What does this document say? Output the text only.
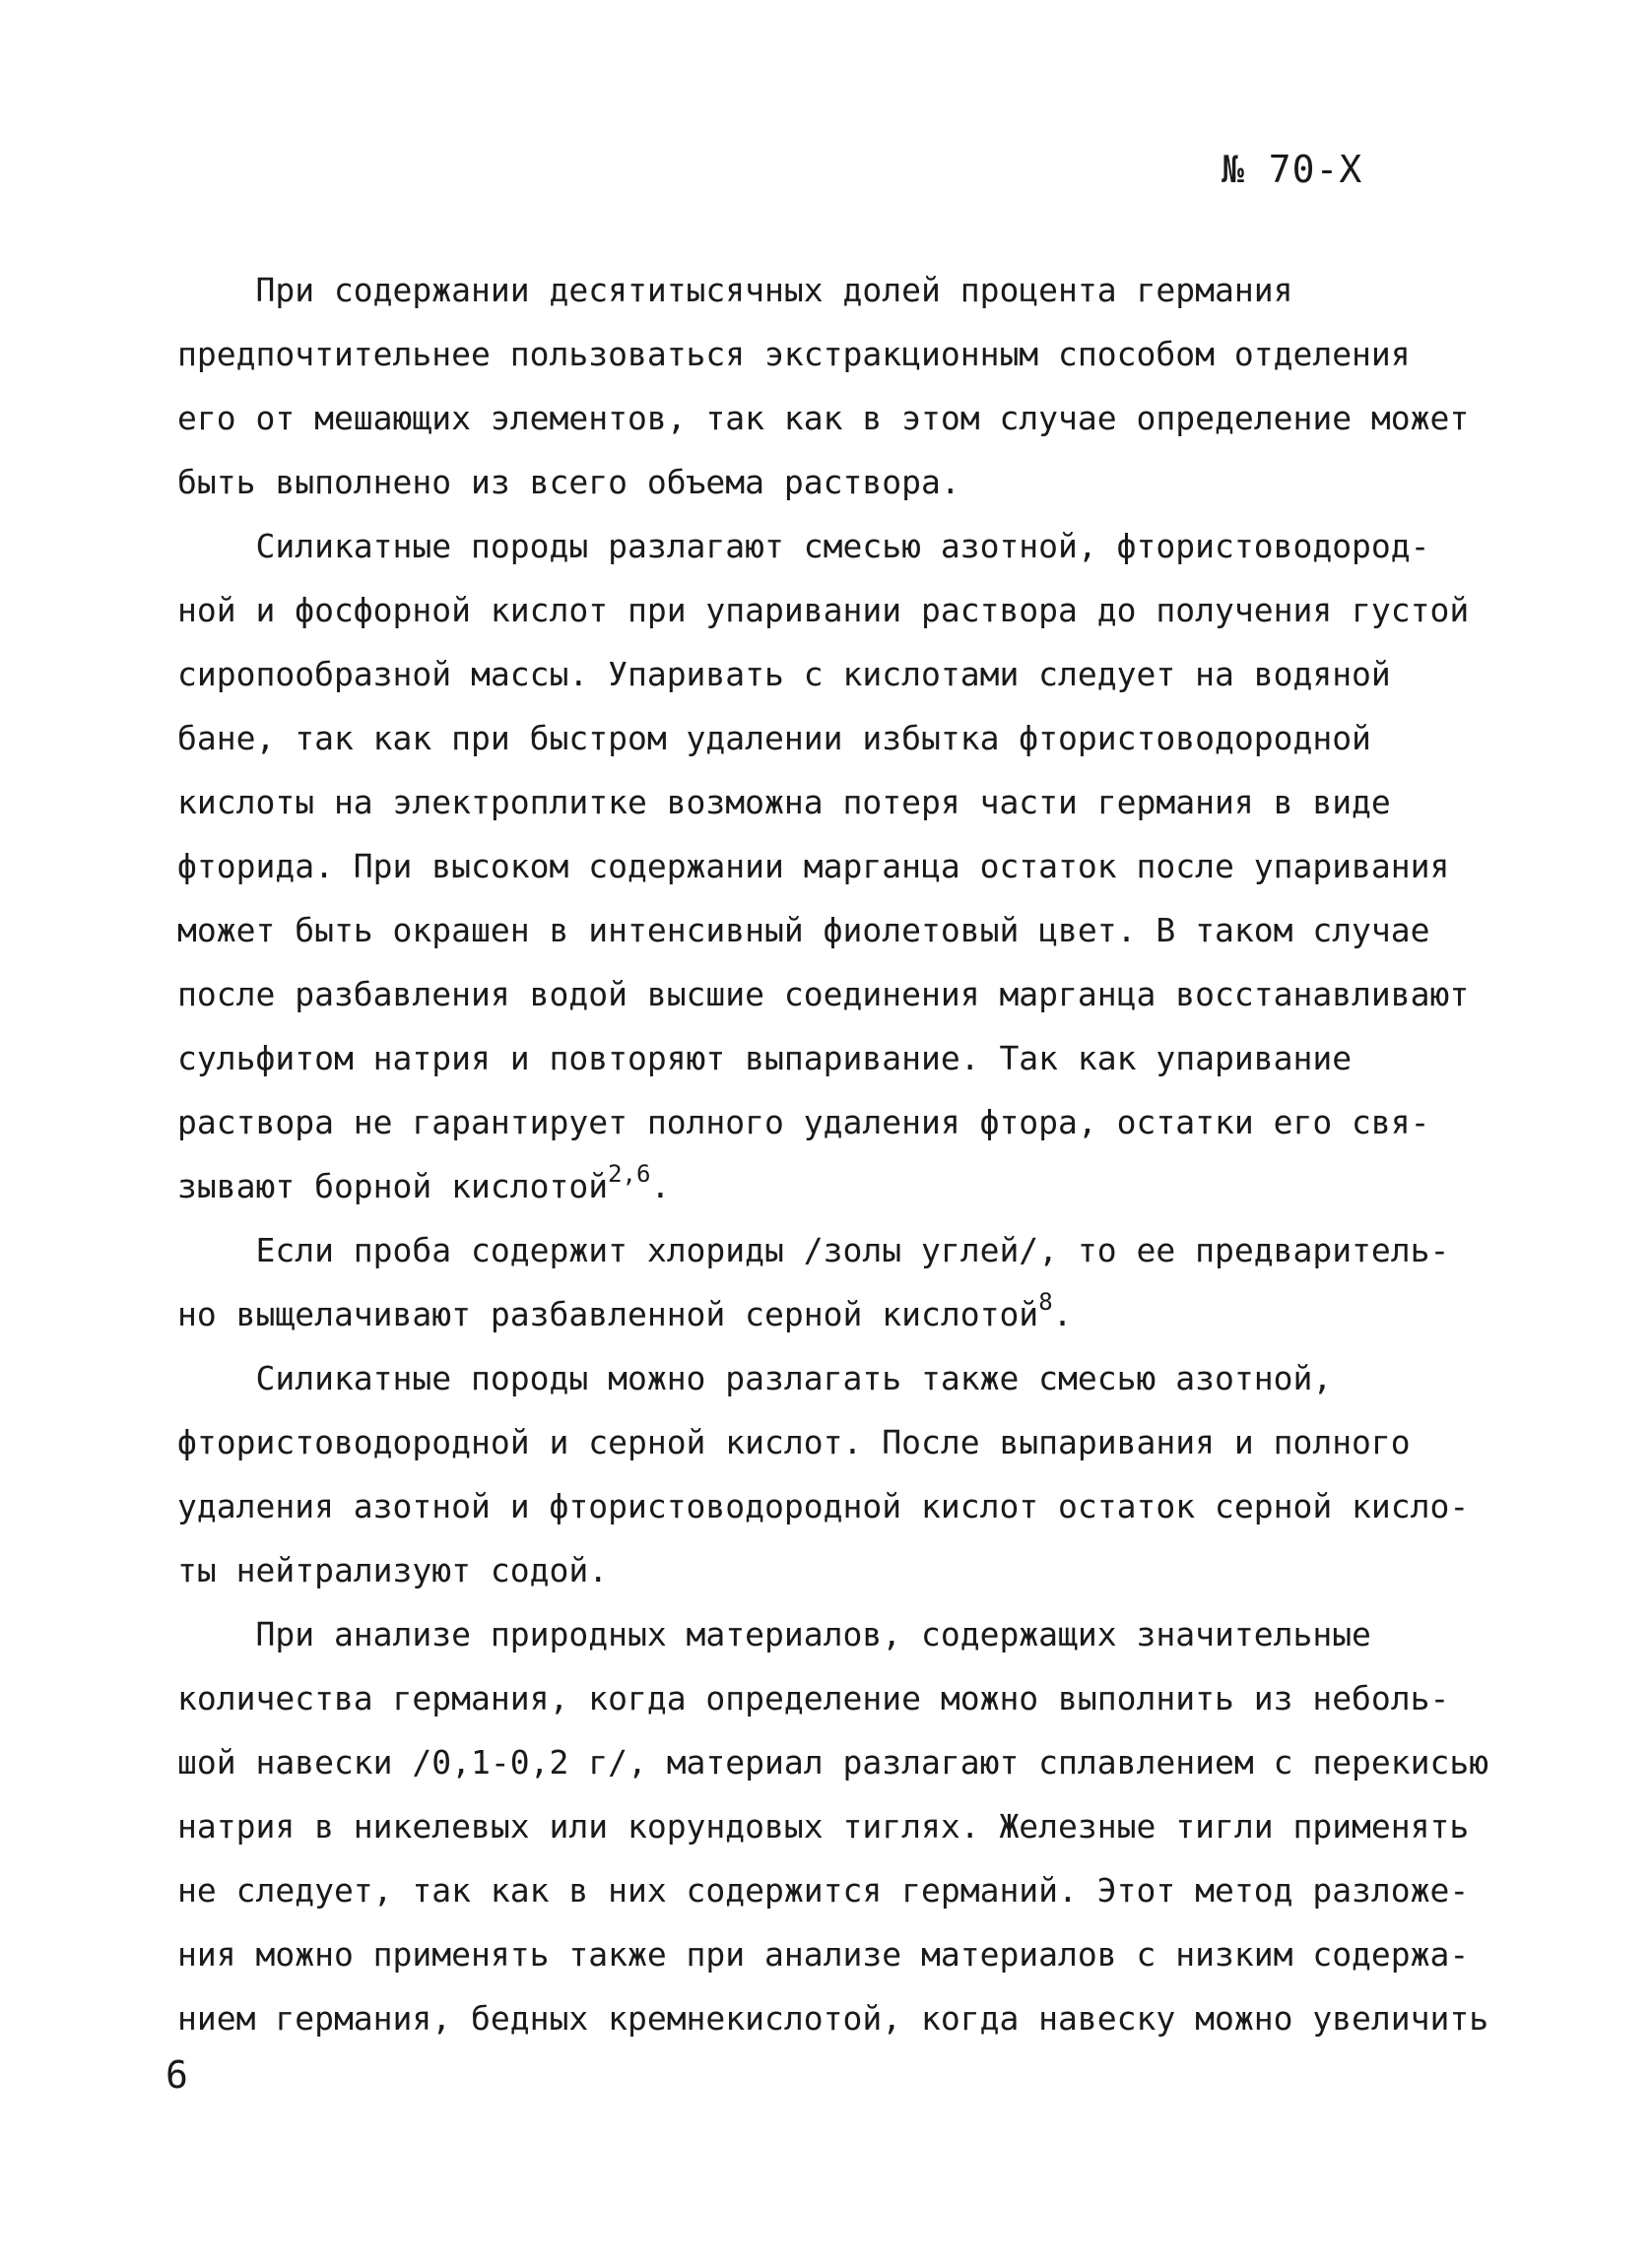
№ 70-Х
При содержании десятитысячных долей процента германия
предпочтительнее пользоваться экстракционным способом отделения
его от мешающих элементов, так как в этом случае определение может
быть выполнено из всего объема раствора.
Силикатные породы разлагают смесью азотной, фтористоводород-
ной и фосфорной кислот при упаривании раствора до получения густой
сиропообразной массы. Упаривать с кислотами следует на водяной
бане, так как при быстром удалении избытка фтористоводородной
кислоты на электроплитке возможна потеря части германия в виде
фторида. При высоком содержании марганца остаток после упаривания
может быть окрашен в интенсивный фиолетовый цвет. В таком случае
после разбавления водой высшие соединения марганца восстанавливают
сульфитом натрия и повторяют выпаривание. Так как упаривание
раствора не гарантирует полного удаления фтора, остатки его свя-
зывают борной кислотой$^{2,6}$.
Если проба содержит хлориды /золы углей/, то ее предваритель-
но выщелачивают разбавленной серной кислотой$^8$.
Силикатные породы можно разлагать также смесью азотной,
фтористоводородной и серной кислот. После выпаривания и полного
удаления азотной и фтористоводородной кислот остаток серной кисло-
ты нейтрализуют содой.
При анализе природных материалов, содержащих значительные
количества германия, когда определение можно выполнить из неболь-
шой навески /0,1-0,2 г/, материал разлагают сплавлением с перекисью
натрия в никелевых или корундовых тиглях. Железные тигли применять
не следует, так как в них содержится германий. Этот метод разложе-
ния можно применять также при анализе материалов с низким содержа-
нием германия, бедных кремнекислотой, когда навеску можно увеличить
6
